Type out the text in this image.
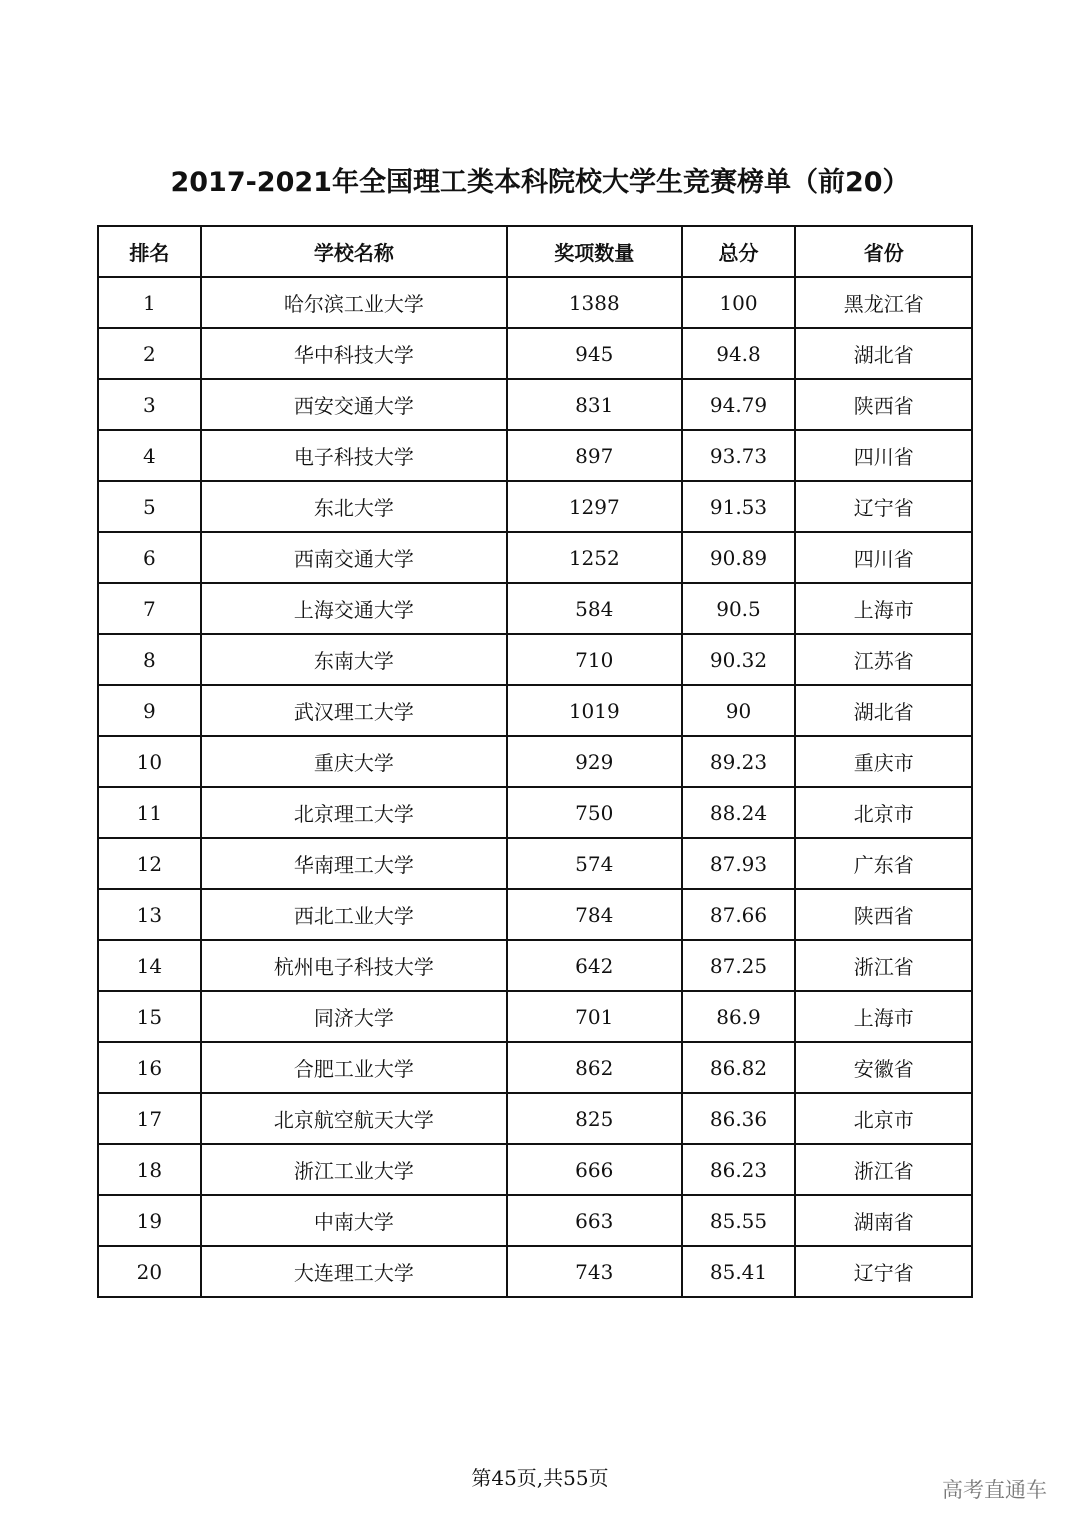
2017-2021年全国理工类本科院校大学生竞赛榜单（前20）
排名	学校名称	奖项数量	总分	省份
1	哈尔滨工业大学	1388	100	黑龙江省
2	华中科技大学	945	94.8	湖北省
3	西安交通大学	831	94.79	陕西省
4	电子科技大学	897	93.73	四川省
5	东北大学	1297	91.53	辽宁省
6	西南交通大学	1252	90.89	四川省
7	上海交通大学	584	90.5	上海市
8	东南大学	710	90.32	江苏省
9	武汉理工大学	1019	90	湖北省
10	重庆大学	929	89.23	重庆市
11	北京理工大学	750	88.24	北京市
12	华南理工大学	574	87.93	广东省
13	西北工业大学	784	87.66	陕西省
14	杭州电子科技大学	642	87.25	浙江省
15	同济大学	701	86.9	上海市
16	合肥工业大学	862	86.82	安徽省
17	北京航空航天大学	825	86.36	北京市
18	浙江工业大学	666	86.23	浙江省
19	中南大学	663	85.55	湖南省
20	大连理工大学	743	85.41	辽宁省
第45页,共55页	高考直通车
